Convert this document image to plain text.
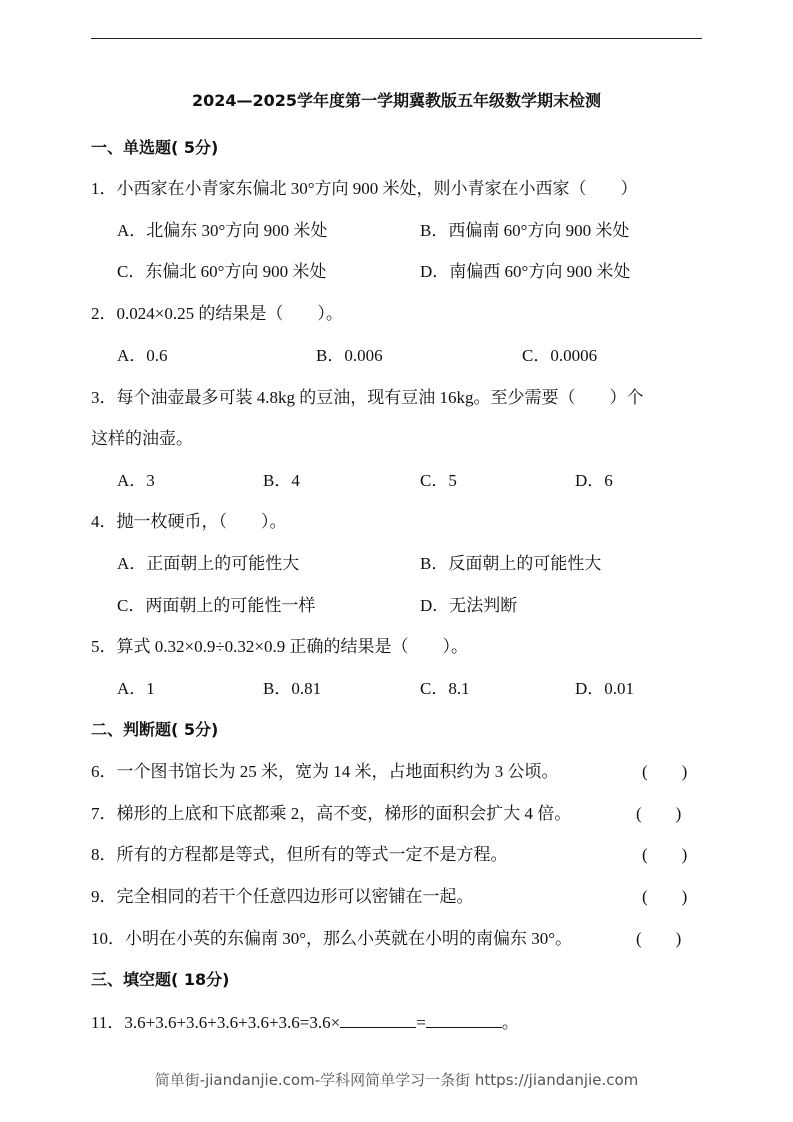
2024—2025学年度第一学期冀教版五年级数学期末检测
一、单选题( 5分)
1．小西家在小青家东偏北 30°方向 900 米处，则小青家在小西家（　　）
A．北偏东 30°方向 900 米处	B．西偏南 60°方向 900 米处
C．东偏北 60°方向 900 米处	D．南偏西 60°方向 900 米处
2．0.024×0.25 的结果是（　　）。
A．0.6	B．0.006	C．0.0006
3．每个油壶最多可装 4.8kg 的豆油，现有豆油 16kg。至少需要（　　）个
这样的油壶。
A．3	B．4	C．5	D．6
4．抛一枚硬币，（　　）。
A．正面朝上的可能性大	B．反面朝上的可能性大
C．两面朝上的可能性一样	D．无法判断
5．算式 0.32×0.9÷0.32×0.9 正确的结果是（　　）。
A．1	B．0.81	C．8.1	D．0.01
二、判断题( 5分)
6．一个图书馆长为 25 米，宽为 14 米，占地面积约为 3 公顷。	(　　)
7．梯形的上底和下底都乘 2，高不变，梯形的面积会扩大 4 倍。	(　　)
8．所有的方程都是等式，但所有的等式一定不是方程。	(　　)
9．完全相同的若干个任意四边形可以密铺在一起。	(　　)
10．小明在小英的东偏南 30°，那么小英就在小明的南偏东 30°。	(　　)
三、填空题( 18分)
11．3.6+3.6+3.6+3.6+3.6+3.6=3.6×	=	。
简单街-jiandanjie.com-学科网简单学习一条街 https://jiandanjie.com
